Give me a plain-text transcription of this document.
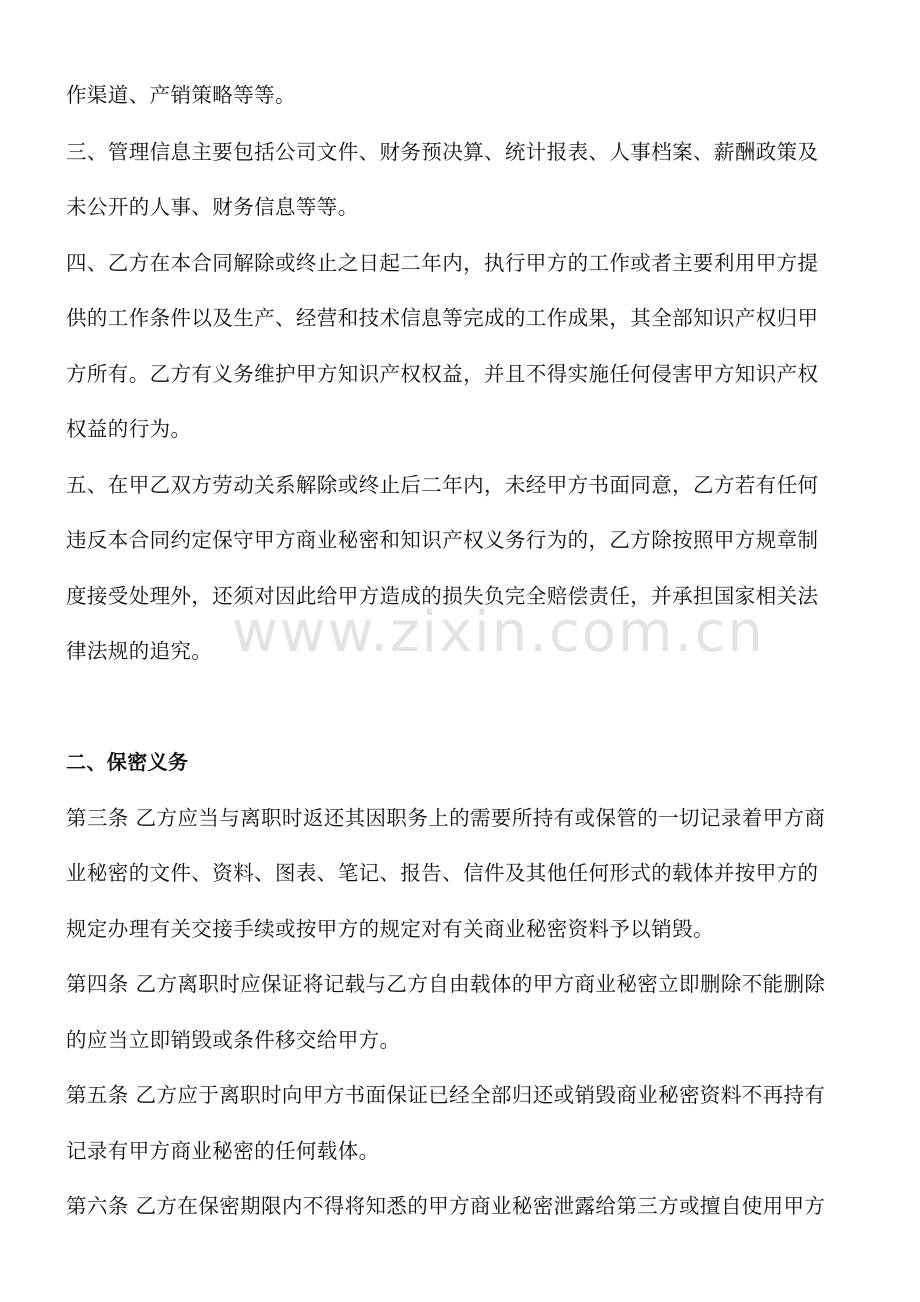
www.zixin.com.cn
作渠道、产销策略等等。
三、管理信息主要包括公司文件、财务预决算、统计报表、人事档案、薪酬政策及
未公开的人事、财务信息等等。
四、乙方在本合同解除或终止之日起二年内，执行甲方的工作或者主要利用甲方提
供的工作条件以及生产、经营和技术信息等完成的工作成果，其全部知识产权归甲
方所有。乙方有义务维护甲方知识产权权益，并且不得实施任何侵害甲方知识产权
权益的行为。
五、在甲乙双方劳动关系解除或终止后二年内，未经甲方书面同意，乙方若有任何
违反本合同约定保守甲方商业秘密和知识产权义务行为的，乙方除按照甲方规章制
度接受处理外，还须对因此给甲方造成的损失负完全赔偿责任，并承担国家相关法
律法规的追究。
二、保密义务
第三条 乙方应当与离职时返还其因职务上的需要所持有或保管的一切记录着甲方商
业秘密的文件、资料、图表、笔记、报告、信件及其他任何形式的载体并按甲方的
规定办理有关交接手续或按甲方的规定对有关商业秘密资料予以销毁。
第四条 乙方离职时应保证将记载与乙方自由载体的甲方商业秘密立即删除不能删除
的应当立即销毁或条件移交给甲方。
第五条 乙方应于离职时向甲方书面保证已经全部归还或销毁商业秘密资料不再持有
记录有甲方商业秘密的任何载体。
第六条 乙方在保密期限内不得将知悉的甲方商业秘密泄露给第三方或擅自使用甲方
